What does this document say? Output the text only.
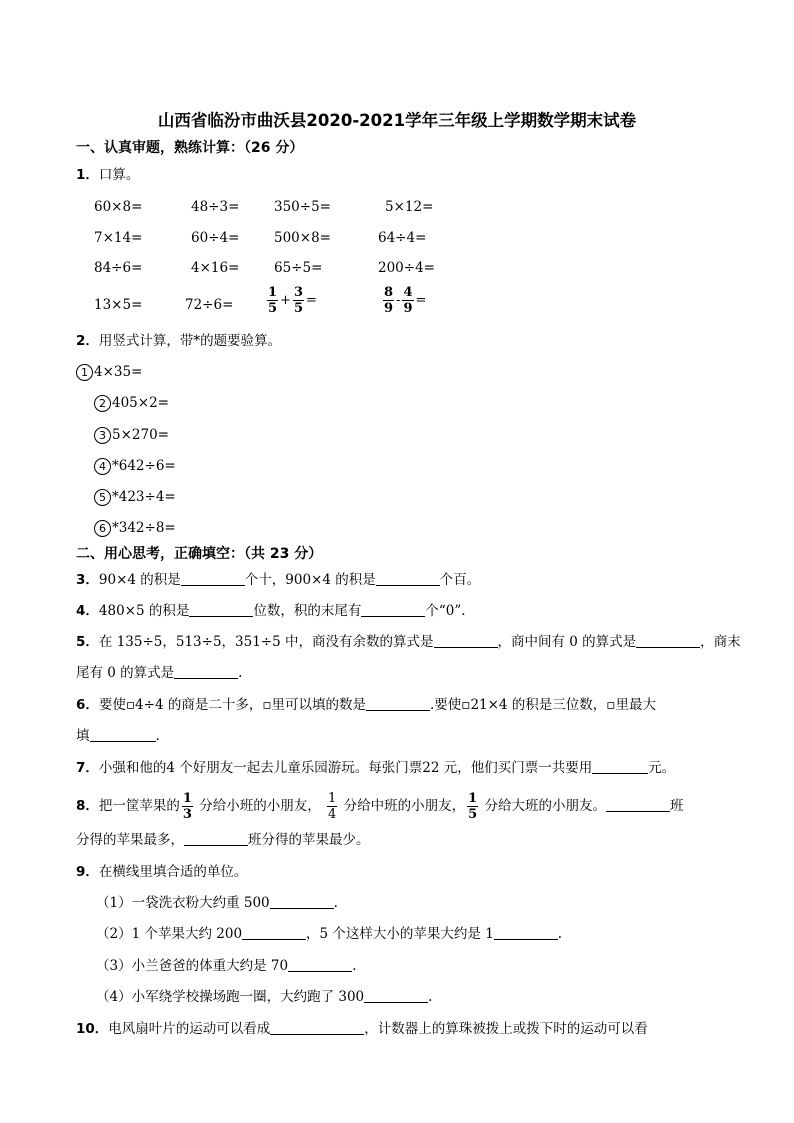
山西省临汾市曲沃县2020-2021学年三年级上学期数学期末试卷
一、认真审题，熟练计算：（26 分）
1．口算。
60×8=	48÷3=	350÷5=	5×12=
7×14=	60÷4=	500×8=	64÷4=
84÷6=	4×16=	65÷5=	200÷4=
13×5=	72÷6=	$\frac{1}{5} + \frac{3}{5}$ =	$\frac{8}{9} - \frac{4}{9}$ =
2．用竖式计算，带*的题要验算。
1 4×35=
2 405×2=
3 5×270=
4 *642÷6=
5 *423÷4=
6 *342÷8=
二、用心思考，正确填空：（共 23 分）
3．90×4 的积是	个十，900×4 的积是	个百。
4．480×5 的积是	位数，积的末尾有	个“0”.
5．在 135÷5，513÷5，351÷5 中，商没有余数的算式是	，商中间有 0 的算式是	，商末
尾有 0 的算式是	.
6．要使▫4÷4 的商是二十多，▫里可以填的数是	.要使▫21×4 的积是三位数，▫里最大
填	.
7．小强和他的4 个好朋友一起去儿童乐园游玩。每张门票22 元，他们买门票一共要用	元。
8．把一筐苹果的 $\frac{1}{3}$ 分给小班的小朋友， $\frac{1}{4}$ 分给中班的小朋友， $\frac{1}{5}$ 分给大班的小朋友。	班
分得的苹果最多，	班分得的苹果最少。
9．在横线里填合适的单位。
（1）一袋洗衣粉大约重 500	.
（2）1 个苹果大约 200	，5 个这样大小的苹果大约是 1	.
（3）小兰爸爸的体重大约是 70	.
（4）小军绕学校操场跑一圈，大约跑了 300	.
10．电风扇叶片的运动可以看成	，计数器上的算珠被拨上或拨下时的运动可以看
